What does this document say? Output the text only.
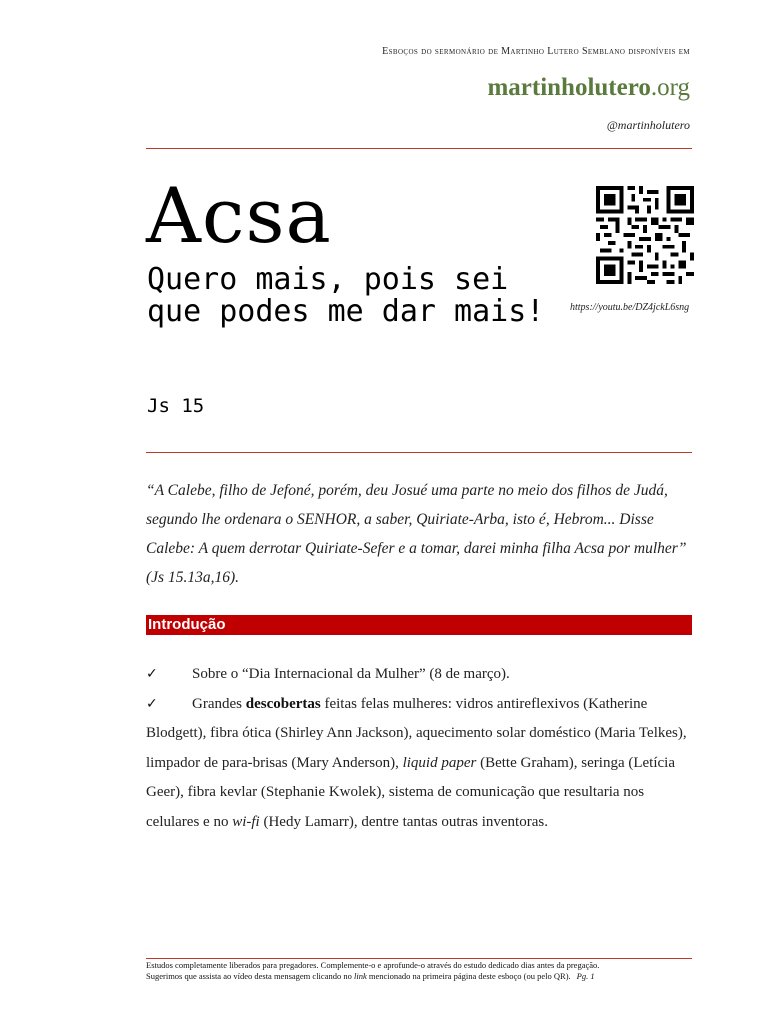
Esboços do sermonário de Martinho Lutero Semblano disponíveis em
martinholutero.org
@martinholutero
Acsa
Quero mais, pois sei que podes me dar mais!
Js 15
https://youtu.be/DZ4jckL6sng
“A Calebe, filho de Jefoné, porém, deu Josué uma parte no meio dos filhos de Judá, segundo lhe ordenara o SENHOR, a saber, Quiriate-Arba, isto é, Hebrom... Disse Calebe: A quem derrotar Quiriate-Sefer e a tomar, darei minha filha Acsa por mulher” (Js 15.13a,16).
Introdução
✓	Sobre o “Dia Internacional da Mulher” (8 de março).
✓	Grandes descobertas feitas felas mulheres: vidros antireflexivos (Katherine Blodgett), fibra ótica (Shirley Ann Jackson), aquecimento solar doméstico (Maria Telkes), limpador de para-brisas (Mary Anderson), liquid paper (Bette Graham), seringa (Letícia Geer), fibra kevlar (Stephanie Kwolek), sistema de comunicação que resultaria nos celulares e no wi-fi (Hedy Lamarr), dentre tantas outras inventoras.
Estudos completamente liberados para pregadores. Complemente-o e aprofunde-o através do estudo dedicado dias antes da pregação.
Sugerimos que assista ao vídeo desta mensagem clicando no link mencionado na primeira página deste esboço (ou pelo QR). Pg. 1
